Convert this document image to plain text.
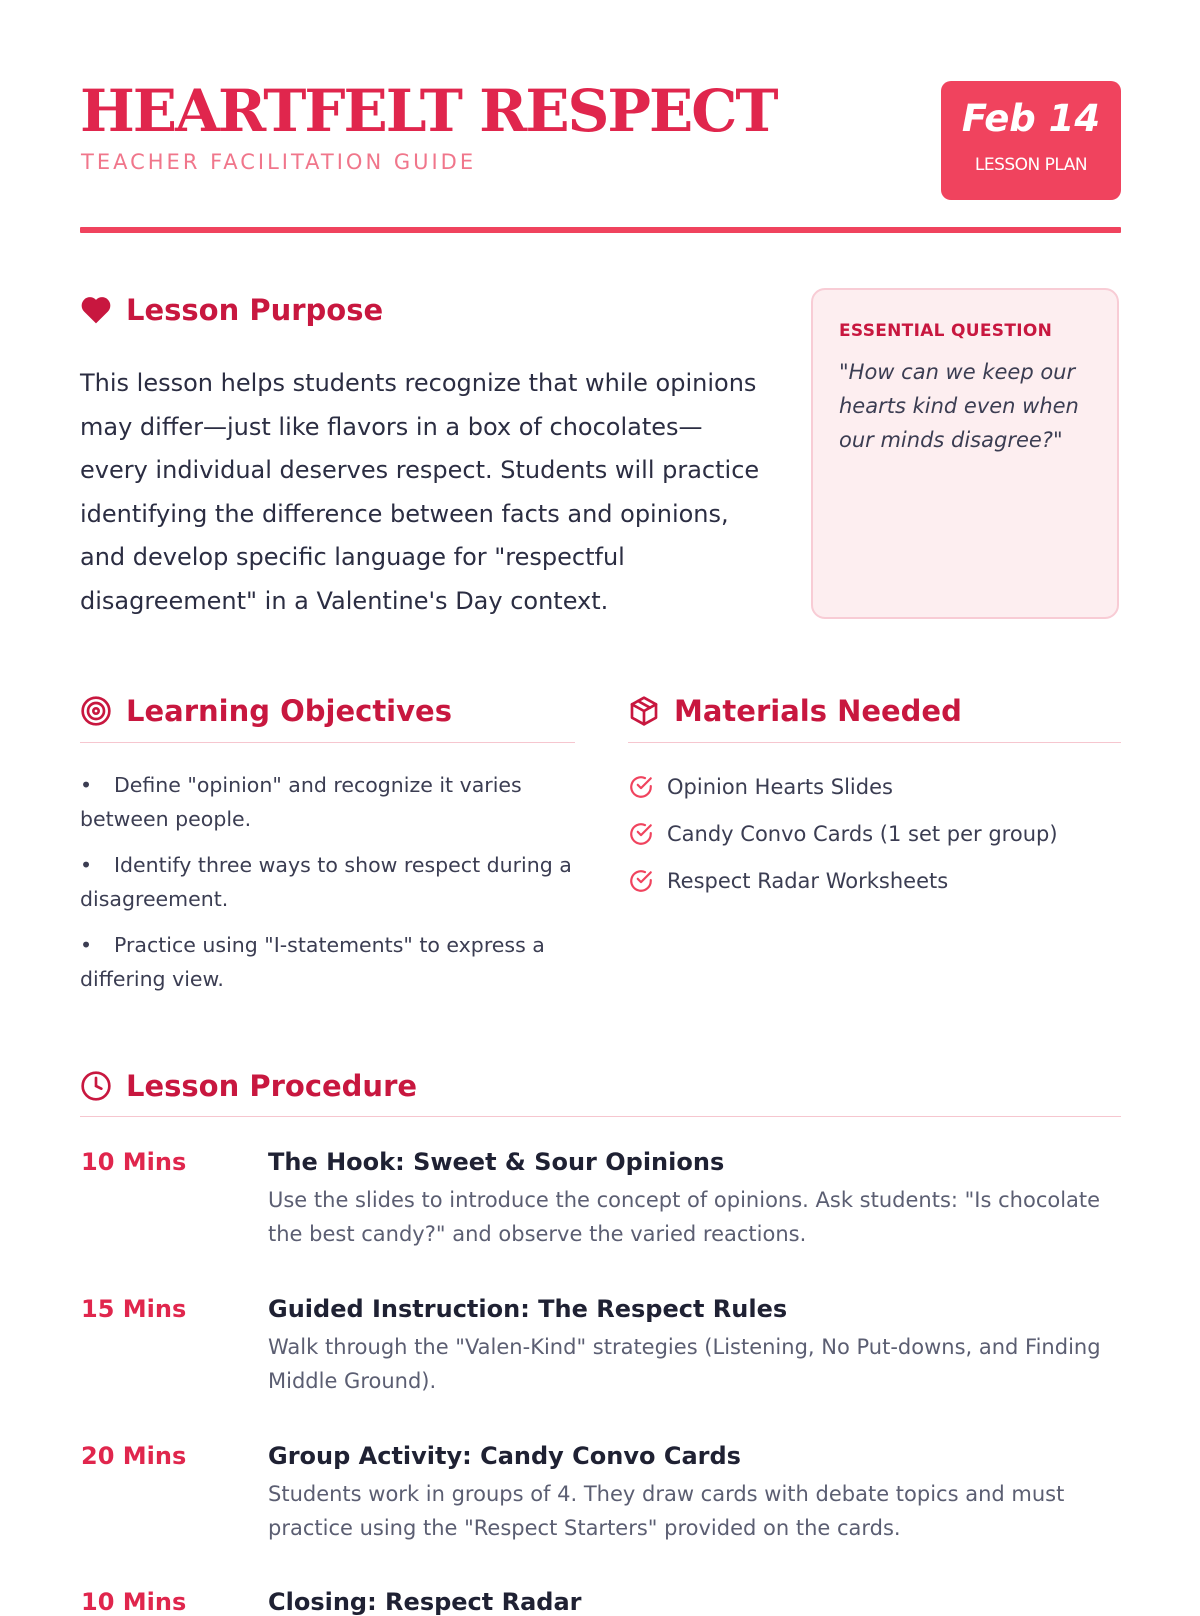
HEARTFELT RESPECT
TEACHER FACILITATION GUIDE
Feb 14
LESSON PLAN
Lesson Purpose
This lesson helps students recognize that while opinions may differ—just like flavors in a box of chocolates—every individual deserves respect. Students will practice identifying the difference between facts and opinions, and develop specific language for "respectful disagreement" in a Valentine's Day context.
ESSENTIAL QUESTION
"How can we keep our hearts kind even when our minds disagree?"
Learning Objectives
• Define "opinion" and recognize it varies between people.
• Identify three ways to show respect during a disagreement.
• Practice using "I-statements" to express a differing view.
Materials Needed
Opinion Hearts Slides
Candy Convo Cards (1 set per group)
Respect Radar Worksheets
Lesson Procedure
10 Mins	The Hook: Sweet & Sour Opinions
Use the slides to introduce the concept of opinions. Ask students: "Is chocolate the best candy?" and observe the varied reactions.
15 Mins	Guided Instruction: The Respect Rules
Walk through the "Valen-Kind" strategies (Listening, No Put-downs, and Finding Middle Ground).
20 Mins	Group Activity: Candy Convo Cards
Students work in groups of 4. They draw cards with debate topics and must practice using the "Respect Starters" provided on the cards.
10 Mins	Closing: Respect Radar
